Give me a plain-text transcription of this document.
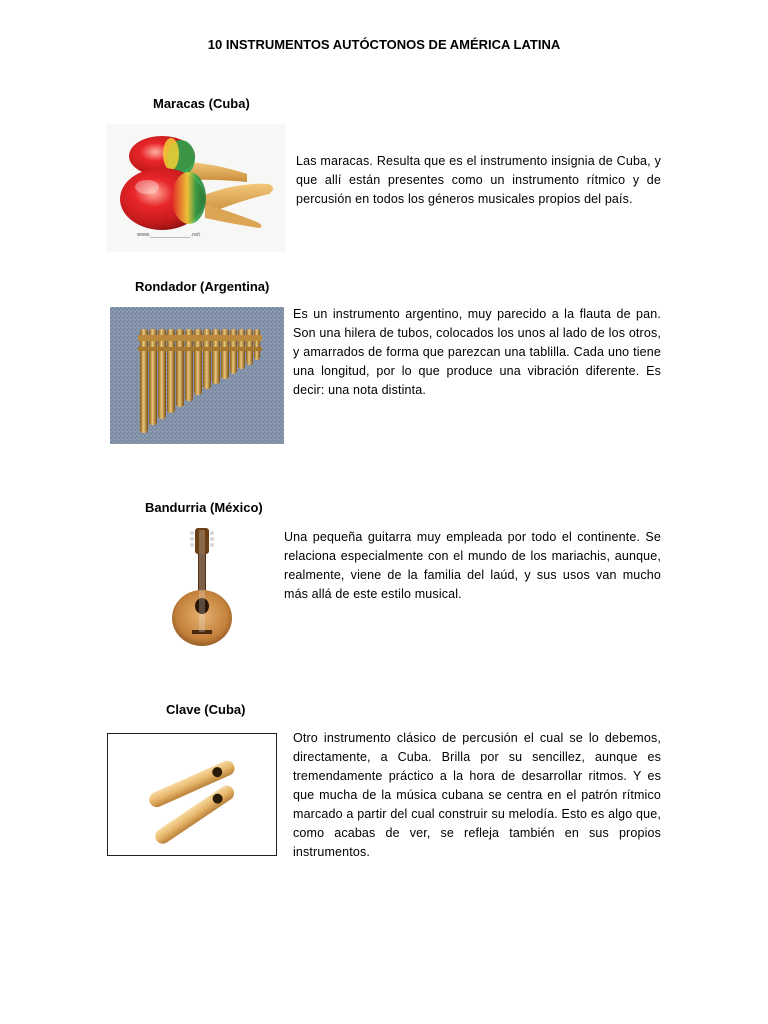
10 INSTRUMENTOS AUTÓCTONOS DE AMÉRICA LATINA
Maracas (Cuba)
www.________________.net
Las maracas. Resulta que es el instrumento insignia de Cuba, y que allí están presentes como un instrumento rítmico y de percusión en todos los géneros musicales propios del país.
Rondador (Argentina)
Es un instrumento argentino, muy parecido a la flauta de pan. Son una hilera de tubos, colocados los unos al lado de los otros, y amarrados de forma que parezcan una tablilla. Cada uno tiene una longitud, por lo que produce una vibración diferente. Es decir: una nota distinta.
Bandurria (México)
Una pequeña guitarra muy empleada por todo el continente. Se relaciona especialmente con el mundo de los mariachis, aunque, realmente, viene de la familia del laúd, y sus usos van mucho más allá de este estilo musical.
Clave (Cuba)
Otro instrumento clásico de percusión el cual se lo debemos, directamente, a Cuba. Brilla por su sencillez, aunque es tremendamente práctico a la hora de desarrollar ritmos. Y es que mucha de la música cubana se centra en el patrón rítmico marcado a partir del cual construir su melodía. Esto es algo que, como acabas de ver, se refleja también en sus propios instrumentos.
